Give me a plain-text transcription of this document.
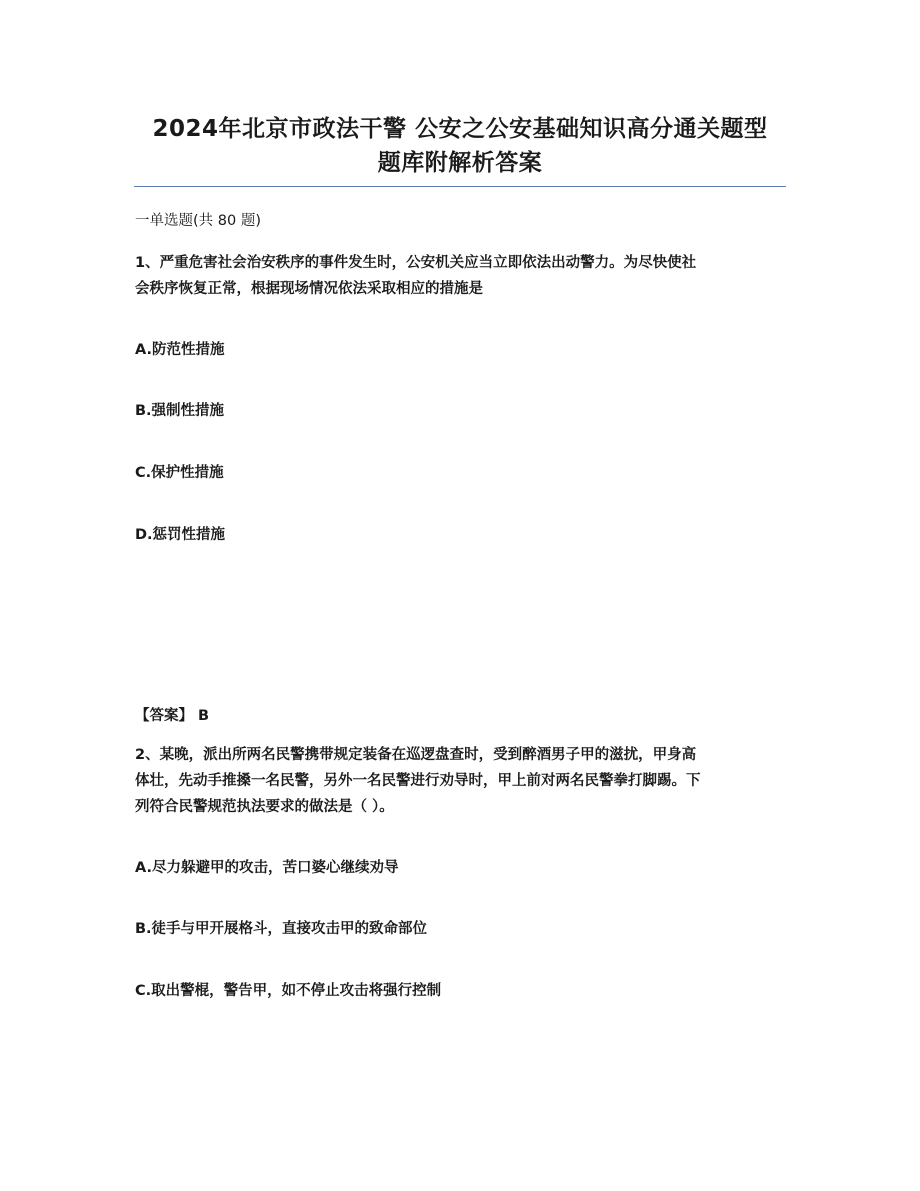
2024年北京市政法干警 公安之公安基础知识高分通关题型
题库附解析答案
一单选题(共 80 题)
1、严重危害社会治安秩序的事件发生时，公安机关应当立即依法出动警力。为尽快使社
会秩序恢复正常，根据现场情况依法采取相应的措施是
A.防范性措施
B.强制性措施
C.保护性措施
D.惩罚性措施
【答案】 B
2、某晚，派出所两名民警携带规定装备在巡逻盘查时，受到醉酒男子甲的滋扰，甲身高
体壮，先动手推搡一名民警，另外一名民警进行劝导时，甲上前对两名民警拳打脚踢。下
列符合民警规范执法要求的做法是（ ）。
A.尽力躲避甲的攻击，苦口婆心继续劝导
B.徒手与甲开展格斗，直接攻击甲的致命部位
C.取出警棍，警告甲，如不停止攻击将强行控制
